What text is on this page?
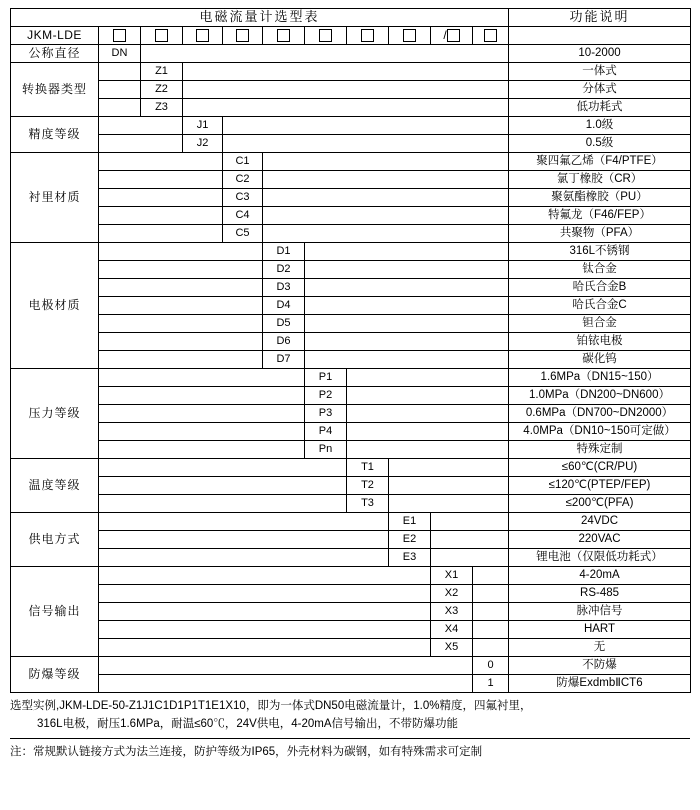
电磁流量计选型表											功能说明
JKM-LDE									/		
公称直径	DN										10-2000
转换器类型		Z1									一体式
		Z2									分体式
		Z3									低功耗式
精度等级			J1								1.0级
			J2								0.5级
衬里材质				C1							聚四氟乙烯（F4/PTFE）
				C2							氯丁橡胶（CR）
				C3							聚氨酯橡胶（PU）
				C4							特氟龙（F46/FEP）
				C5							共聚物（PFA）
电极材质					D1						316L不锈钢
					D2						钛合金
					D3						哈氏合金B
					D4						哈氏合金C
					D5						钽合金
					D6						铂铱电极
					D7						碳化钨
压力等级						P1					1.6MPa（DN15~150）
						P2					1.0MPa（DN200~DN600）
						P3					0.6MPa（DN700~DN2000）
						P4					4.0MPa（DN10~150可定做）
						Pn					特殊定制
温度等级							T1				≤60℃(CR/PU)
							T2				≤120℃(PTEP/FEP)
							T3				≤200℃(PFA)
供电方式								E1			24VDC
								E2			220VAC
								E3			锂电池（仅限低功耗式）
信号输出									X1		4-20mA
									X2		RS-485
									X3		脉冲信号
									X4		HART
									X5		无
防爆等级										0	不防爆
										1	防爆ExdmbⅡCT6
选型实例,JKM-LDE-50-Z1J1C1D1P1T1E1X10，即为一体式DN50电磁流量计，1.0%精度，四氟衬里，
316L电极，耐压1.6MPa，耐温≤60℃，24V供电，4-20mA信号输出，不带防爆功能
注：常规默认链接方式为法兰连接，防护等级为IP65，外壳材料为碳钢，如有特殊需求可定制
